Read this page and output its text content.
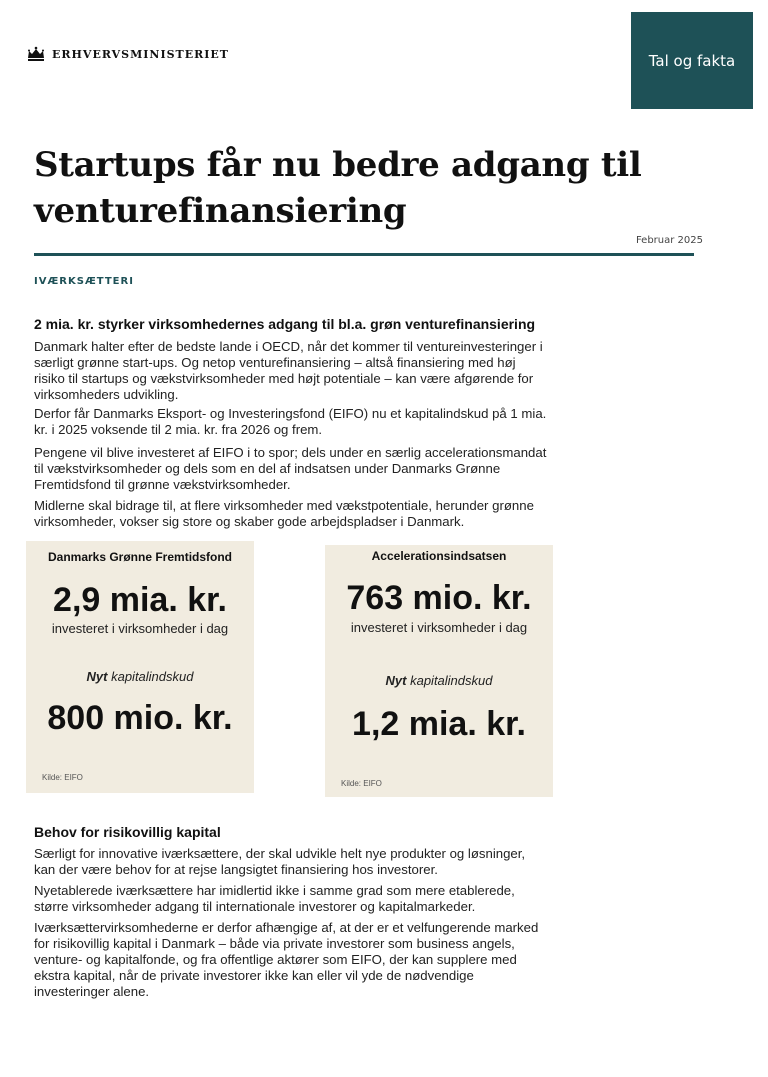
ERHVERVSMINISTERIET	Tal og fakta
Startups får nu bedre adgang til venturefinansiering
Februar 2025
IVÆRKSÆTTERI
2 mia. kr. styrker virksomhedernes adgang til bl.a. grøn venturefinansiering

Danmark halter efter de bedste lande i OECD, når det kommer til ventureinvesteringer i særligt grønne start-ups. Og netop venturefinansiering – altså finansiering med høj risiko til startups og vækstvirksomheder med højt potentiale – kan være afgørende for virksomheders udvikling.

Derfor får Danmarks Eksport- og Investeringsfond (EIFO) nu et kapitalindskud på 1 mia. kr. i 2025 voksende til 2 mia. kr. fra 2026 og frem.

Pengene vil blive investeret af EIFO i to spor; dels under en særlig accelerationsmandat til vækstvirksomheder og dels som en del af indsatsen under Danmarks Grønne Fremtidsfond til grønne vækstvirksomheder.

Midlerne skal bidrage til, at flere virksomheder med vækstpotentiale, herunder grønne virksomheder, vokser sig store og skaber gode arbejdspladser i Danmark.

Danmarks Grønne Fremtidsfond
2,9 mia. kr.
investeret i virksomheder i dag
Nyt kapitalindskud
800 mio. kr.
Kilde: EIFO
Accelerationsindsatsen
763 mio. kr.
investeret i virksomheder i dag
Nyt kapitalindskud
1,2 mia. kr.
Kilde: EIFO
Behov for risikovillig kapital

Særligt for innovative iværksættere, der skal udvikle helt nye produkter og løsninger, kan der være behov for at rejse langsigtet finansiering hos investorer.

Nyetablerede iværksættere har imidlertid ikke i samme grad som mere etablerede, større virksomheder adgang til internationale investorer og kapitalmarkeder.

Iværksættervirksomhederne er derfor afhængige af, at der er et velfungerende marked for risikovillig kapital i Danmark – både via private investorer som business angels, venture- og kapitalfonde, og fra offentlige aktører som EIFO, der kan supplere med ekstra kapital, når de private investorer ikke kan eller vil yde de nødvendige investeringer alene.
